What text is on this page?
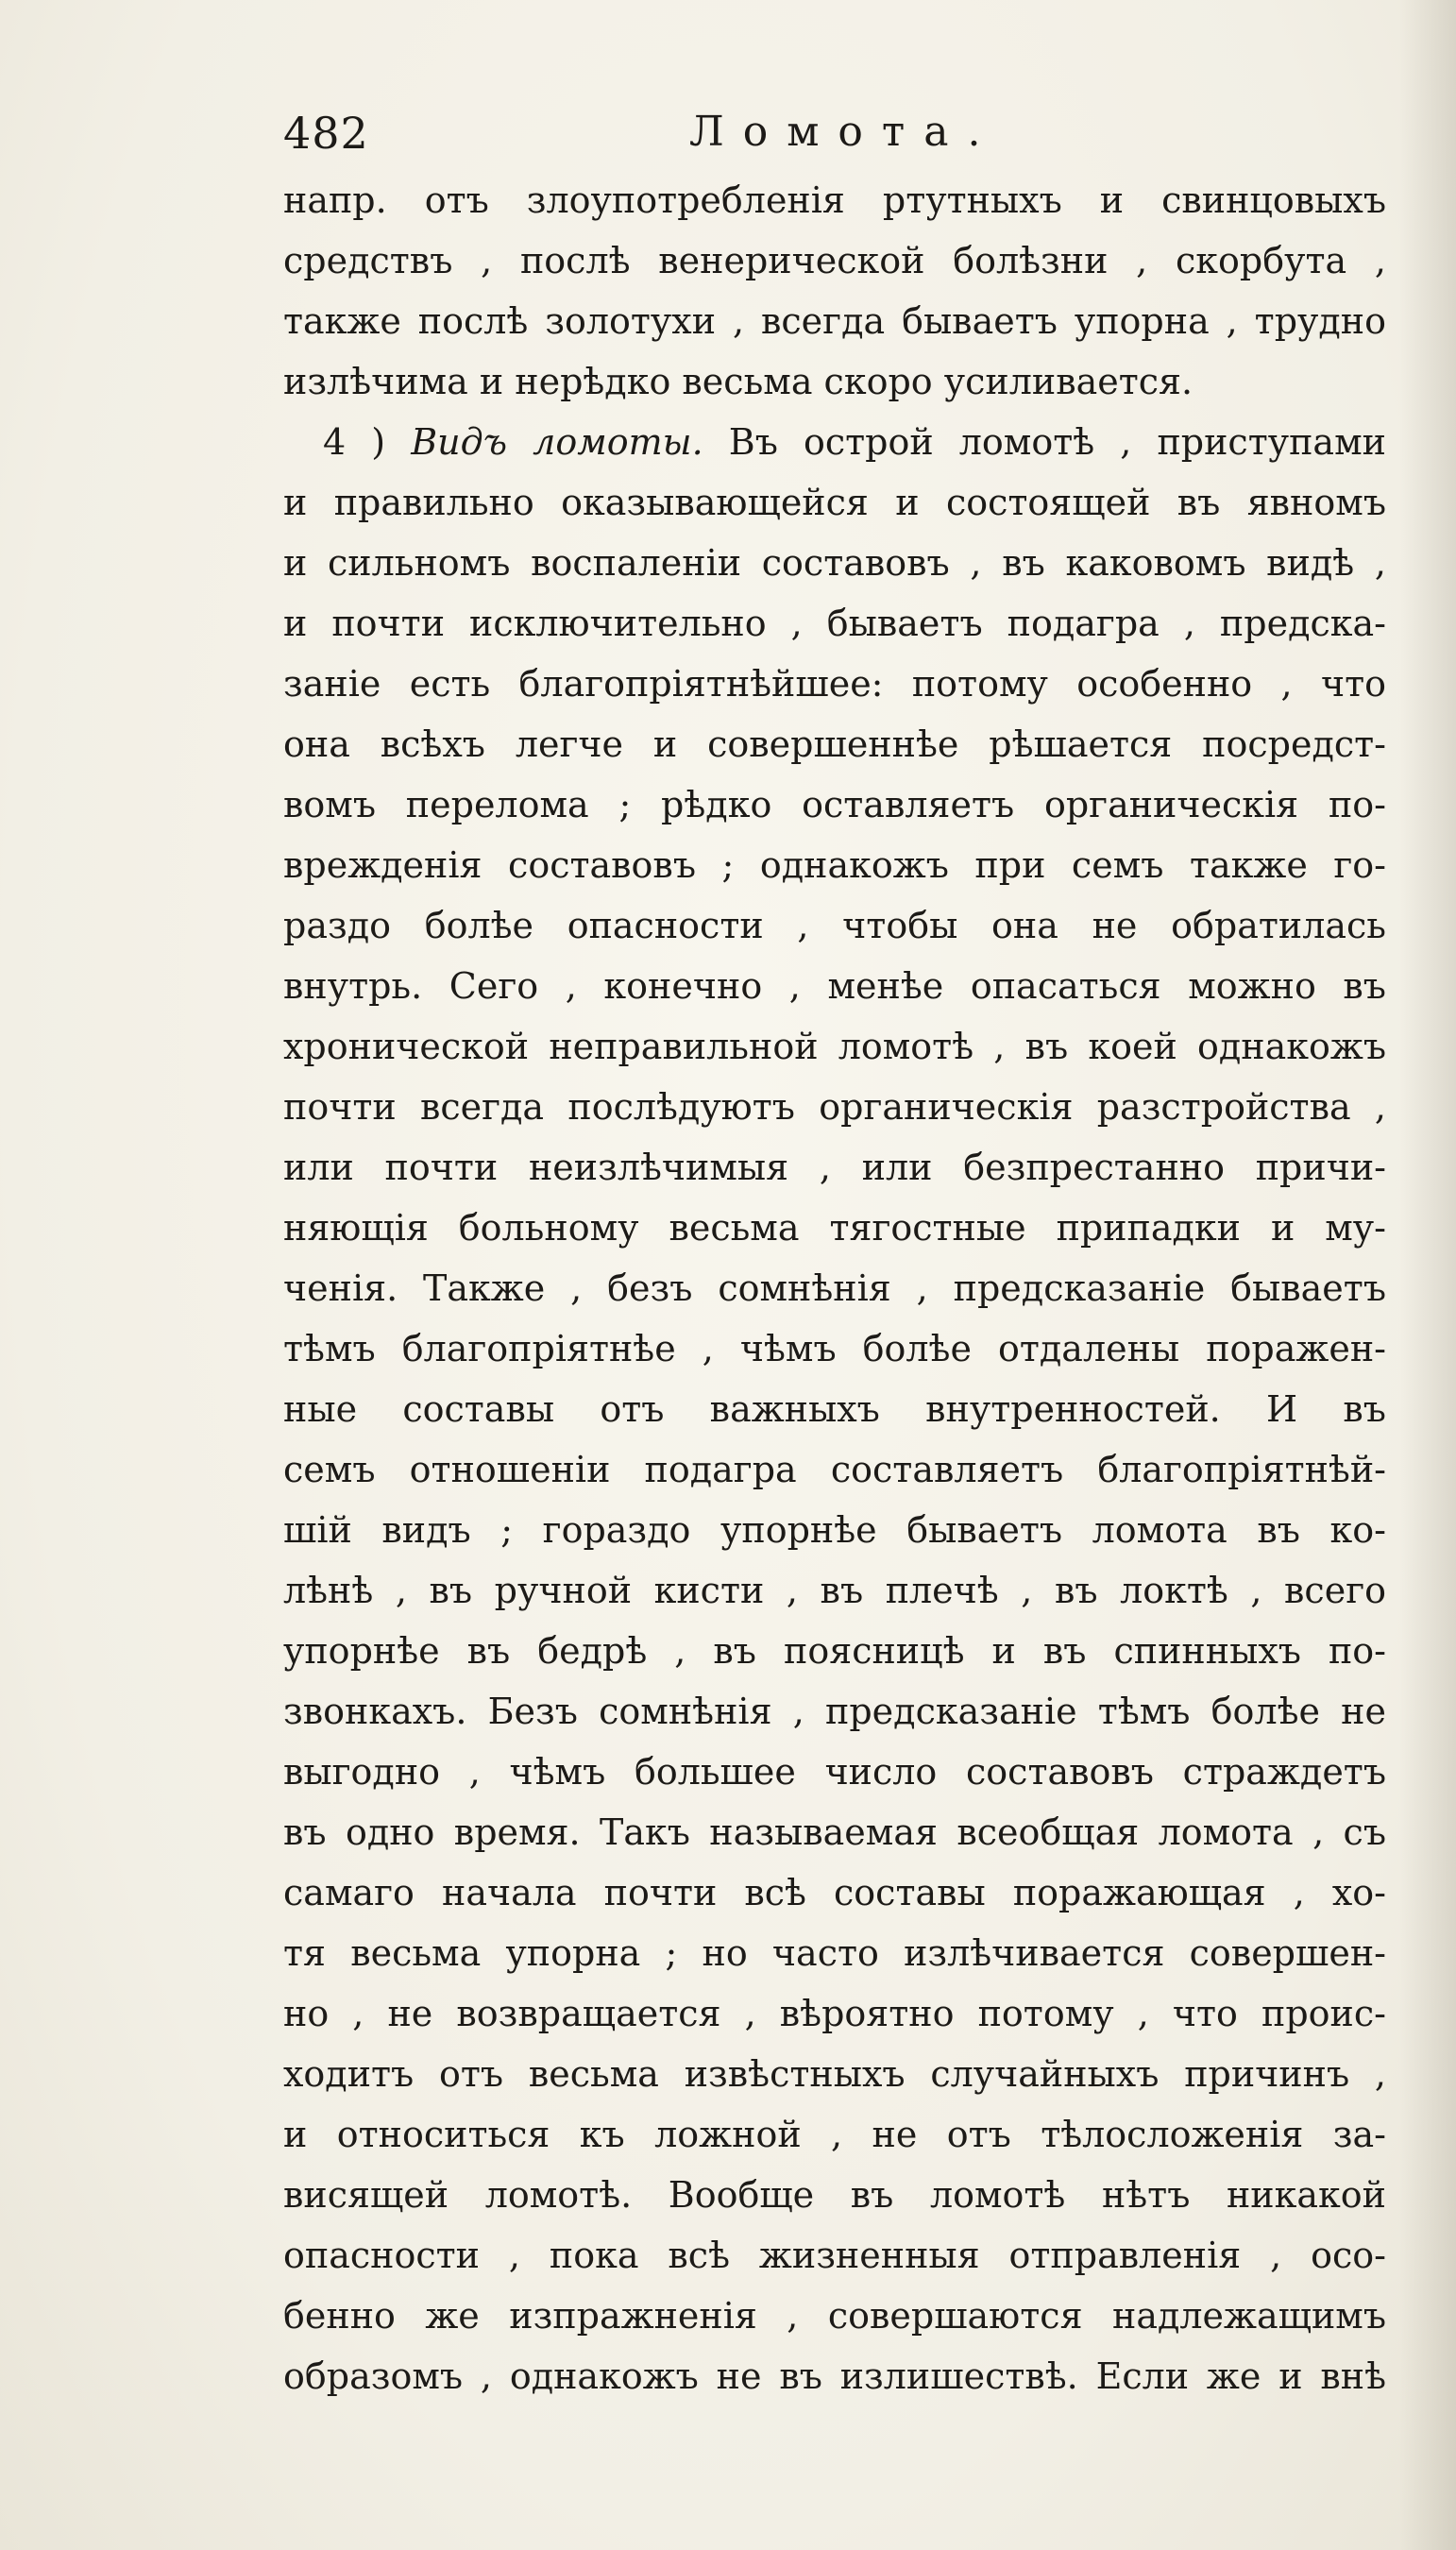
482	Ломота.
напр. отъ злоупотребленія ртутныхъ и свинцовыхъ
средствъ , послѣ венерической болѣзни , скорбута ,
также послѣ золотухи , всегда бываетъ упорна , трудно
излѣчима и нерѣдко весьма скоро усиливается.
4 ) Видъ ломоты. Въ острой ломотѣ , приступами
и правильно оказывающейся и состоящей въ явномъ
и сильномъ воспаленіи составовъ , въ каковомъ видѣ ,
и почти исключительно , бываетъ подагра , предска-
заніе есть благопріятнѣйшее: потому особенно , что
она всѣхъ легче и совершеннѣе рѣшается посредст-
вомъ перелома ; рѣдко оставляетъ органическія по-
врежденія составовъ ; однакожъ при семъ также го-
раздо болѣе опасности , чтобы она не обратилась
внутрь. Сего , конечно , менѣе опасаться можно въ
хронической неправильной ломотѣ , въ коей однакожъ
почти всегда послѣдуютъ органическія разстройства ,
или почти неизлѣчимыя , или безпрестанно причи-
няющія больному весьма тягостные припадки и му-
ченія. Также , безъ сомнѣнія , предсказаніе бываетъ
тѣмъ благопріятнѣе , чѣмъ болѣе отдалены поражен-
ные составы отъ важныхъ внутренностей. И въ
семъ отношеніи подагра составляетъ благопріятнѣй-
шій видъ ; гораздо упорнѣе бываетъ ломота въ ко-
лѣнѣ , въ ручной кисти , въ плечѣ , въ локтѣ , всего
упорнѣе въ бедрѣ , въ поясницѣ и въ спинныхъ по-
звонкахъ. Безъ сомнѣнія , предсказаніе тѣмъ болѣе не
выгодно , чѣмъ большее число составовъ страждетъ
въ одно время. Такъ называемая всеобщая ломота , съ
самаго начала почти всѣ составы поражающая , хо-
тя весьма упорна ; но часто излѣчивается совершен-
но , не возвращается , вѣроятно потому , что проис-
ходитъ отъ весьма извѣстныхъ случайныхъ причинъ ,
и относиться къ ложной , не отъ тѣлосложенія за-
висящей ломотѣ. Вообще въ ломотѣ нѣтъ никакой
опасности , пока всѣ жизненныя отправленія , осо-
бенно же изпражненія , совершаются надлежащимъ
образомъ , однакожъ не въ излишествѣ. Если же и внѣ
